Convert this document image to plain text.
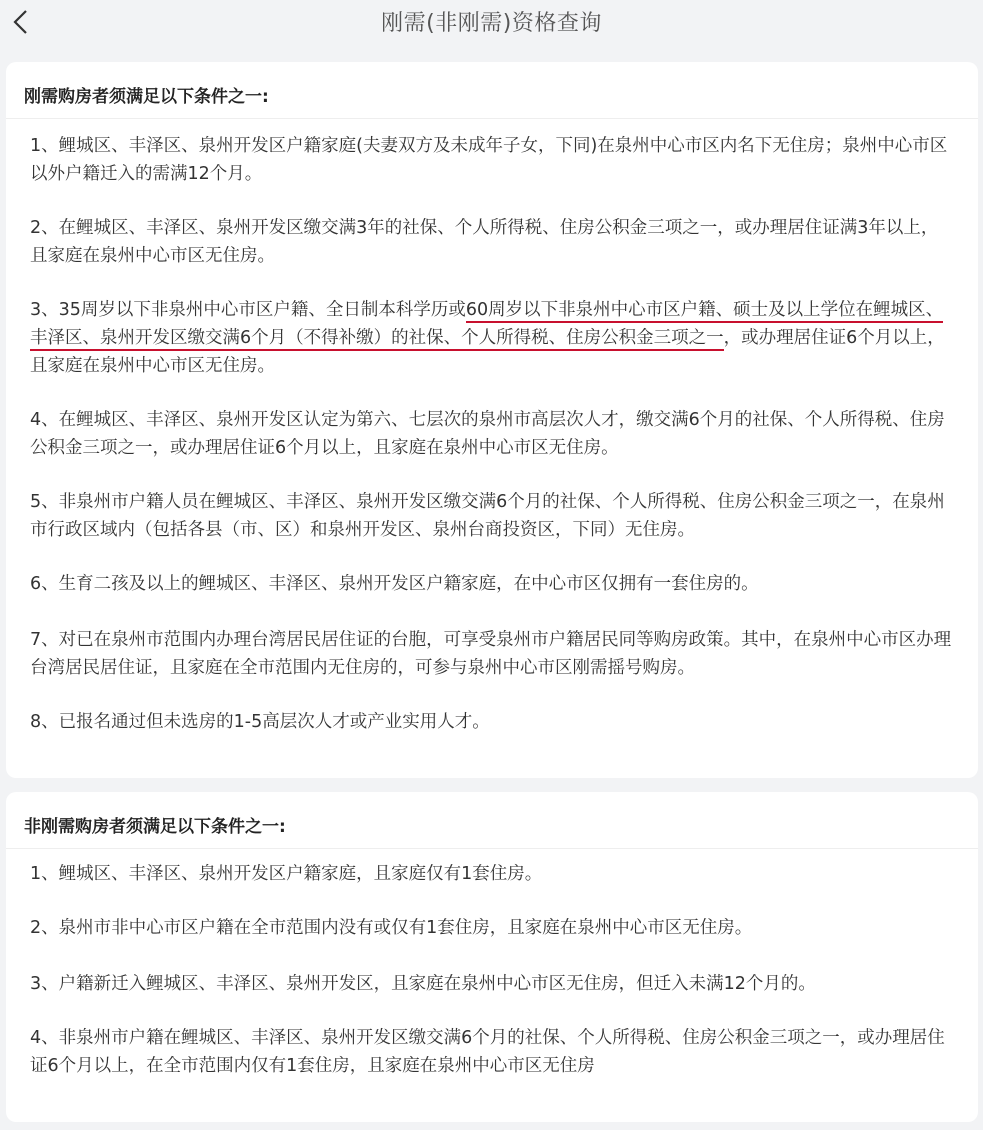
刚需(非刚需)资格查询
刚需购房者须满足以下条件之一:
1、鲤城区、丰泽区、泉州开发区户籍家庭(夫妻双方及未成年子女，下同)在泉州中心市区内名下无住房；泉州中心市区以外户籍迁入的需满12个月。
2、在鲤城区、丰泽区、泉州开发区缴交满3年的社保、个人所得税、住房公积金三项之一，或办理居住证满3年以上，且家庭在泉州中心市区无住房。
3、35周岁以下非泉州中心市区户籍、全日制本科学历或60周岁以下非泉州中心市区户籍、硕士及以上学位在鲤城区、丰泽区、泉州开发区缴交满6个月（不得补缴）的社保、个人所得税、住房公积金三项之一，或办理居住证6个月以上，且家庭在泉州中心市区无住房。
4、在鲤城区、丰泽区、泉州开发区认定为第六、七层次的泉州市高层次人才，缴交满6个月的社保、个人所得税、住房公积金三项之一，或办理居住证6个月以上，且家庭在泉州中心市区无住房。
5、非泉州市户籍人员在鲤城区、丰泽区、泉州开发区缴交满6个月的社保、个人所得税、住房公积金三项之一，在泉州市行政区域内（包括各县（市、区）和泉州开发区、泉州台商投资区，下同）无住房。
6、生育二孩及以上的鲤城区、丰泽区、泉州开发区户籍家庭，在中心市区仅拥有一套住房的。
7、对已在泉州市范围内办理台湾居民居住证的台胞，可享受泉州市户籍居民同等购房政策。其中，在泉州中心市区办理台湾居民居住证，且家庭在全市范围内无住房的，可参与泉州中心市区刚需摇号购房。
8、已报名通过但未选房的1-5高层次人才或产业实用人才。
非刚需购房者须满足以下条件之一:
1、鲤城区、丰泽区、泉州开发区户籍家庭，且家庭仅有1套住房。
2、泉州市非中心市区户籍在全市范围内没有或仅有1套住房，且家庭在泉州中心市区无住房。
3、户籍新迁入鲤城区、丰泽区、泉州开发区，且家庭在泉州中心市区无住房，但迁入未满12个月的。
4、非泉州市户籍在鲤城区、丰泽区、泉州开发区缴交满6个月的社保、个人所得税、住房公积金三项之一，或办理居住证6个月以上，在全市范围内仅有1套住房，且家庭在泉州中心市区无住房
